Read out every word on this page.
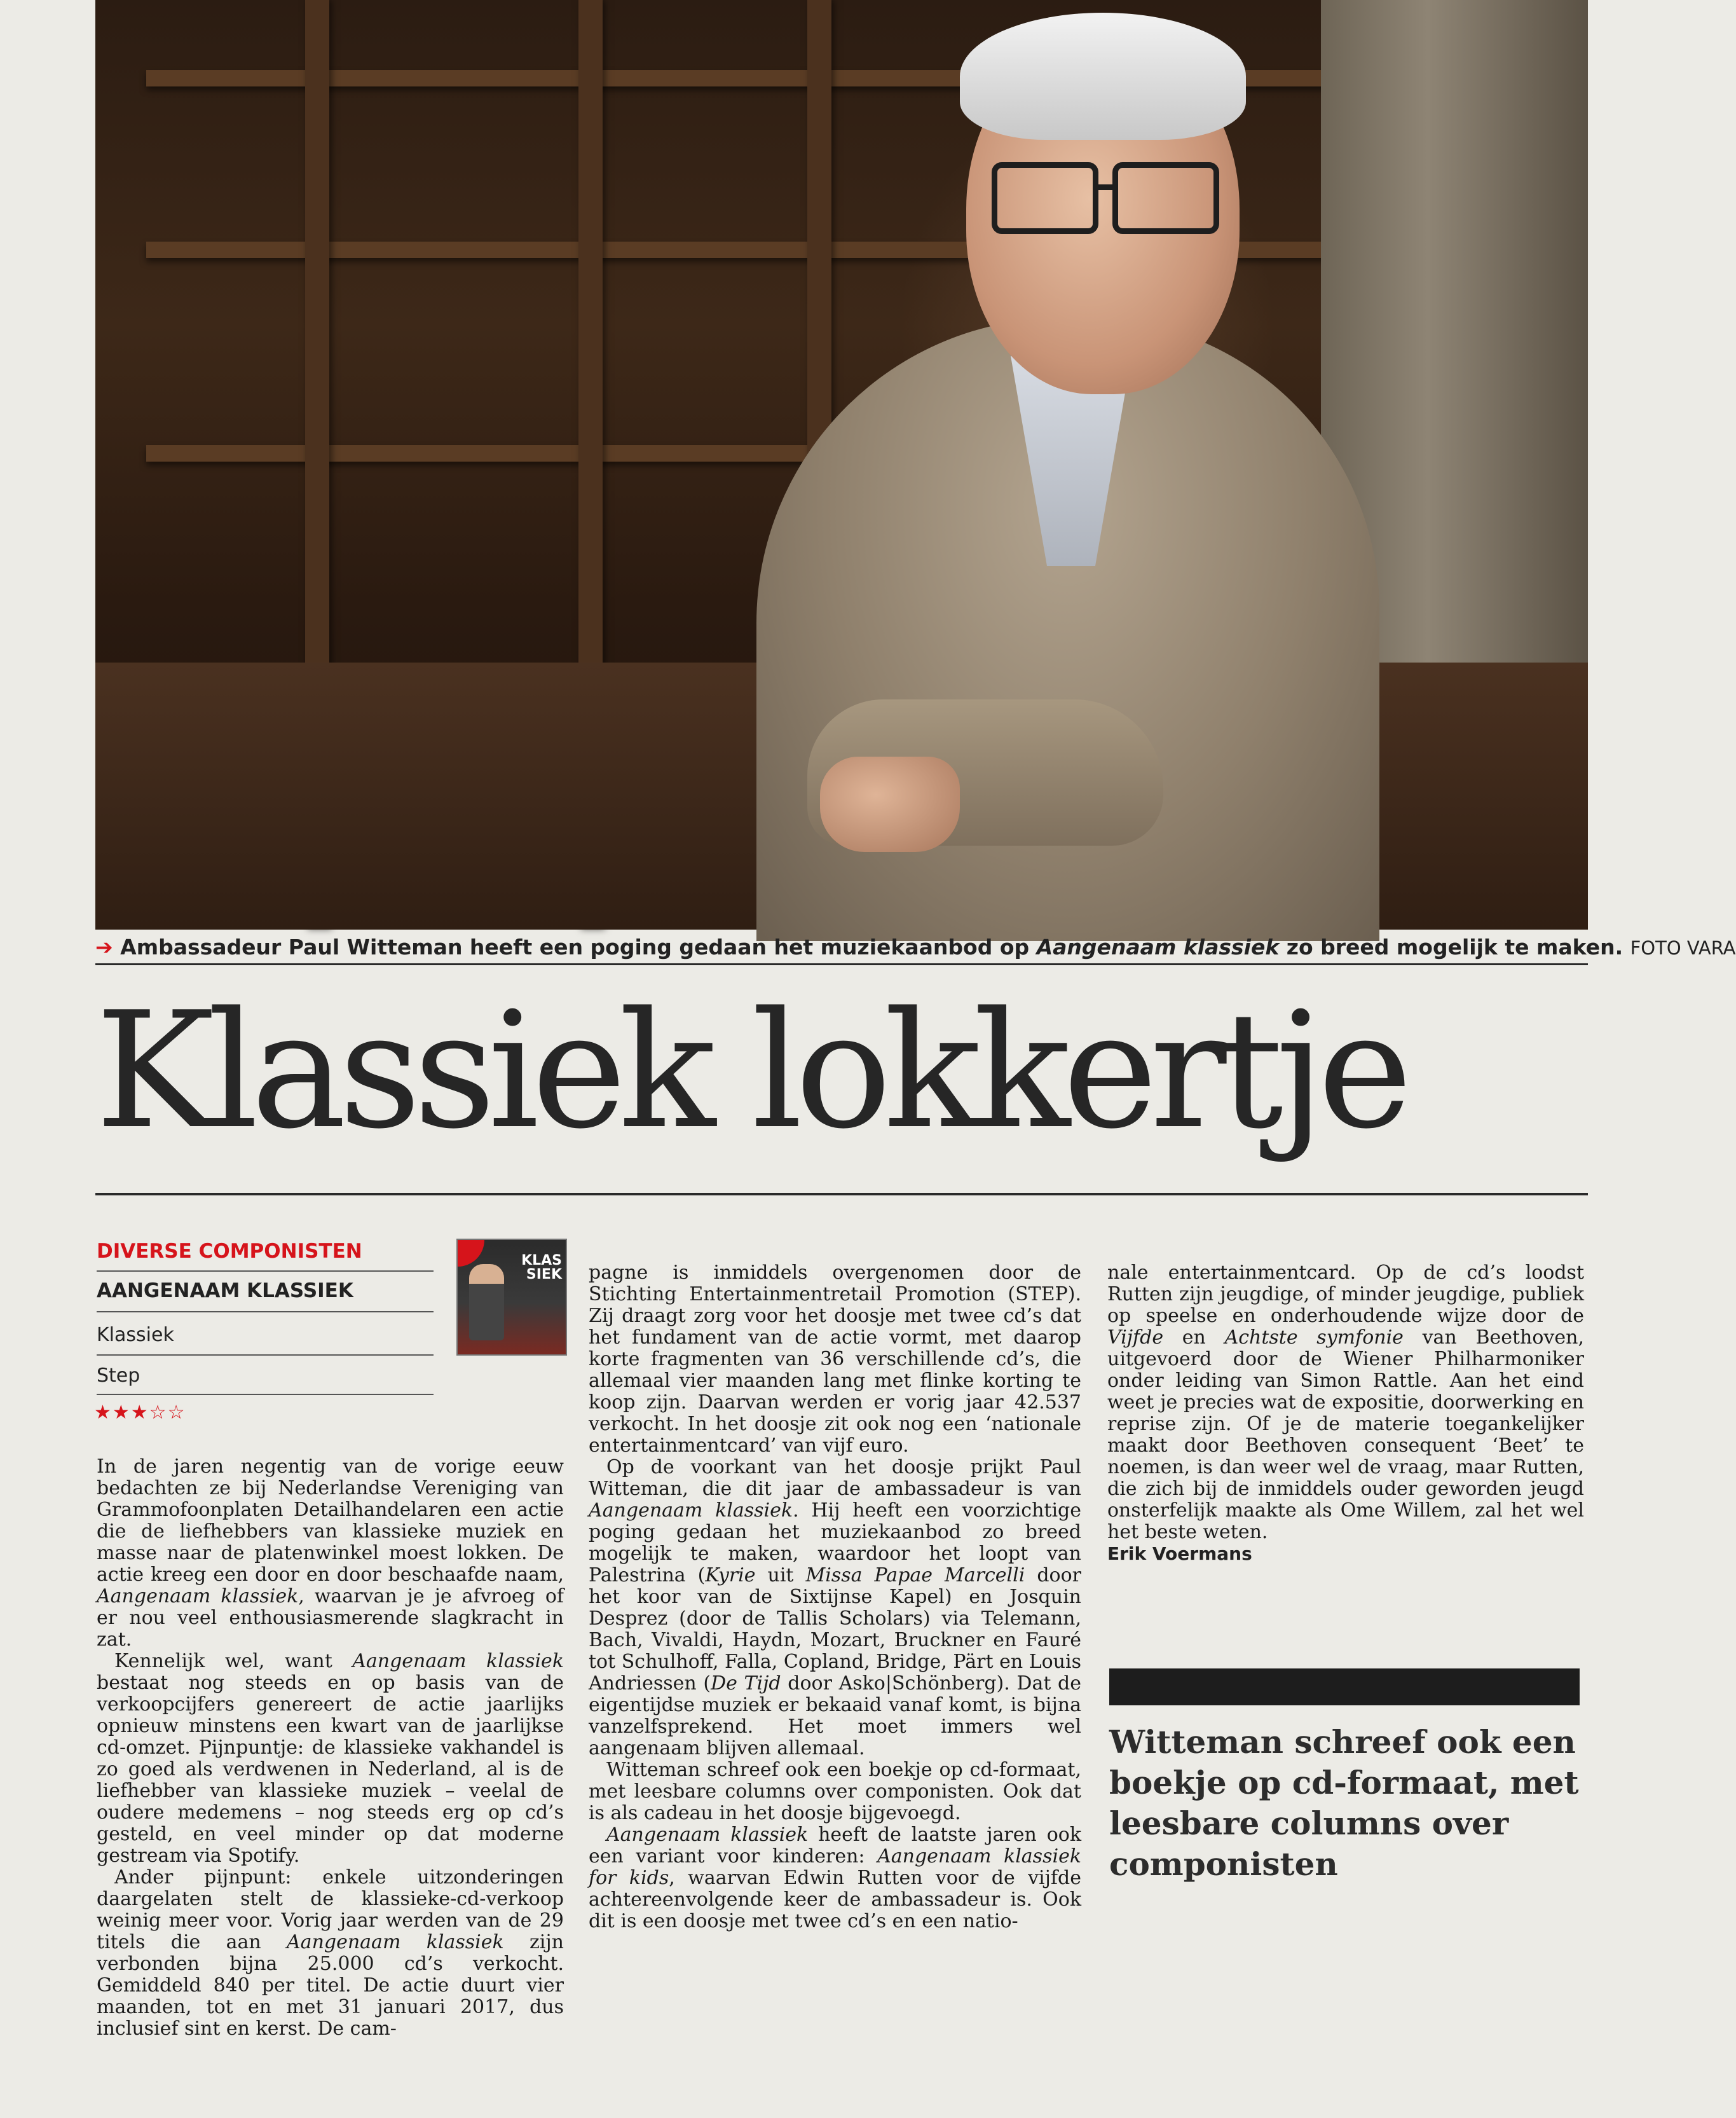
➔ Ambassadeur Paul Witteman heeft een poging gedaan het muziekaanbod op Aangenaam klassiek zo breed mogelijk te maken. FOTO VARA
Klassiek lokkertje
DIVERSE COMPONISTEN
AANGENAAM KLASSIEK
Klassiek
Step
★★★☆☆
KLAS SIEK

In de jaren negentig van de vorige eeuw bedachten ze bij Nederlandse Vereniging van Grammofoonplaten Detailhandelaren een actie die de liefhebbers van klassieke muziek en masse naar de platenwinkel moest lokken. De actie kreeg een door en door beschaafde naam, Aangenaam klassiek, waarvan je je afvroeg of er nou veel enthousiasmerende slagkracht in zat.

Kennelijk wel, want Aangenaam klassiek bestaat nog steeds en op basis van de verkoopcijfers genereert de actie jaarlijks opnieuw minstens een kwart van de jaarlijkse cd-omzet. Pijnpuntje: de klassieke vakhandel is zo goed als verdwenen in Nederland, al is de liefhebber van klassieke muziek – veelal de oudere medemens – nog steeds erg op cd’s gesteld, en veel minder op dat moderne gestream via Spotify.

Ander pijnpunt: enkele uitzonderingen daargelaten stelt de klassieke-cd-verkoop weinig meer voor. Vorig jaar werden van de 29 titels die aan Aangenaam klassiek zijn verbonden bijna 25.000 cd’s verkocht. Gemiddeld 840 per titel. De actie duurt vier maanden, tot en met 31 januari 2017, dus inclusief sint en kerst. De cam-

pagne is inmiddels overgenomen door de Stichting Entertainmentretail Promotion (STEP). Zij draagt zorg voor het doosje met twee cd’s dat het fundament van de actie vormt, met daarop korte fragmenten van 36 verschillende cd’s, die allemaal vier maanden lang met flinke korting te koop zijn. Daarvan werden er vorig jaar 42.537 verkocht. In het doosje zit ook nog een ‘nationale entertainmentcard’ van vijf euro.

Op de voorkant van het doosje prijkt Paul Witteman, die dit jaar de ambassadeur is van Aangenaam klassiek. Hij heeft een voorzichtige poging gedaan het muziekaanbod zo breed mogelijk te maken, waardoor het loopt van Palestrina (Kyrie uit Missa Papae Marcelli door het koor van de Sixtijnse Kapel) en Josquin Desprez (door de Tallis Scholars) via Telemann, Bach, Vivaldi, Haydn, Mozart, Bruckner en Fauré tot Schulhoff, Falla, Copland, Bridge, Pärt en Louis Andriessen (De Tijd door Asko|Schönberg). Dat de eigentijdse muziek er bekaaid vanaf komt, is bijna vanzelfsprekend. Het moet immers wel aangenaam blijven allemaal.

Witteman schreef ook een boekje op cd-formaat, met leesbare columns over componisten. Ook dat is als cadeau in het doosje bijgevoegd.

Aangenaam klassiek heeft de laatste jaren ook een variant voor kinderen: Aangenaam klassiek for kids, waarvan Edwin Rutten voor de vijfde achtereenvolgende keer de ambassadeur is. Ook dit is een doosje met twee cd’s en een natio-

nale entertainmentcard. Op de cd’s loodst Rutten zijn jeugdige, of minder jeugdige, publiek op speelse en onderhoudende wijze door de Vijfde en Achtste symfonie van Beethoven, uitgevoerd door de Wiener Philharmoniker onder leiding van Simon Rattle. Aan het eind weet je precies wat de expositie, doorwerking en reprise zijn. Of je de materie toegankelijker maakt door Beethoven consequent ‘Beet’ te noemen, is dan weer wel de vraag, maar Rutten, die zich bij de inmiddels ouder geworden jeugd onsterfelijk maakte als Ome Willem, zal het wel het beste weten.

Erik Voermans

Witteman schreef ook een boekje op cd-formaat, met leesbare columns over componisten
